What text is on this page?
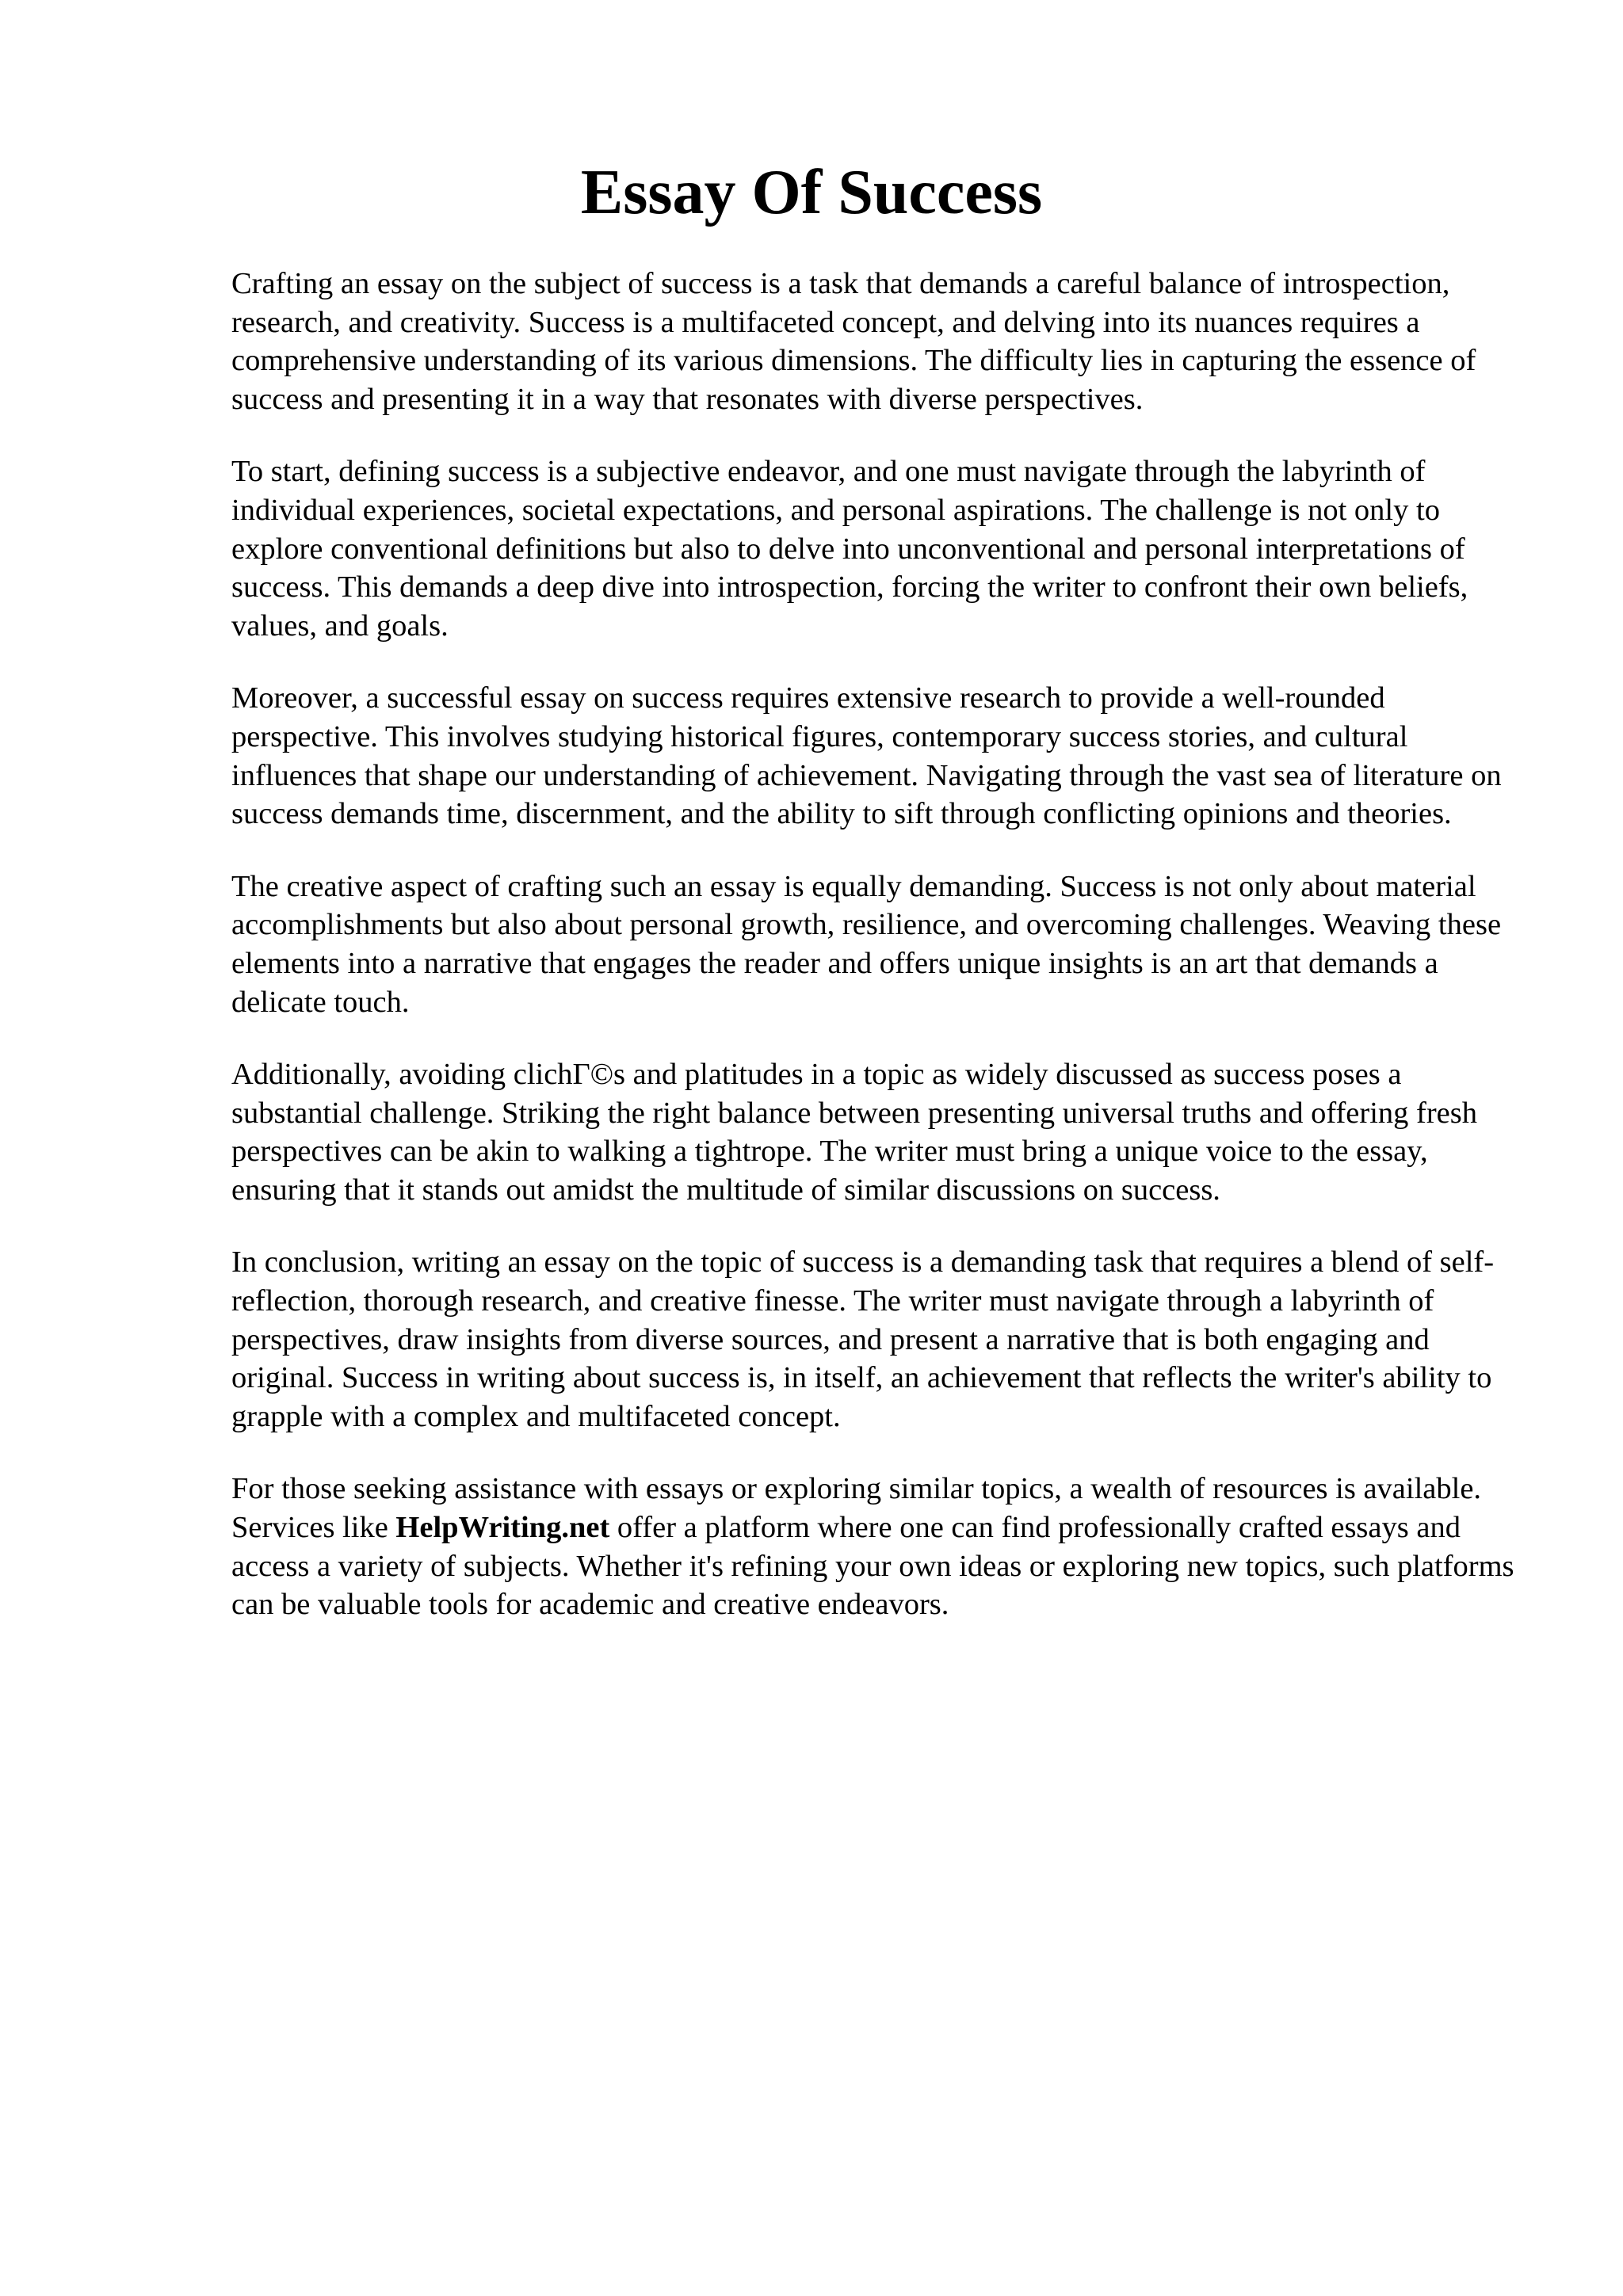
Essay Of Success

Crafting an essay on the subject of success is a task that demands a careful balance of introspection, research, and creativity. Success is a multifaceted concept, and delving into its nuances requires a comprehensive understanding of its various dimensions. The difficulty lies in capturing the essence of success and presenting it in a way that resonates with diverse perspectives.

To start, defining success is a subjective endeavor, and one must navigate through the labyrinth of individual experiences, societal expectations, and personal aspirations. The challenge is not only to explore conventional definitions but also to delve into unconventional and personal interpretations of success. This demands a deep dive into introspection, forcing the writer to confront their own beliefs, values, and goals.

Moreover, a successful essay on success requires extensive research to provide a well-rounded perspective. This involves studying historical figures, contemporary success stories, and cultural influences that shape our understanding of achievement. Navigating through the vast sea of literature on success demands time, discernment, and the ability to sift through conflicting opinions and theories.

The creative aspect of crafting such an essay is equally demanding. Success is not only about material accomplishments but also about personal growth, resilience, and overcoming challenges. Weaving these elements into a narrative that engages the reader and offers unique insights is an art that demands a delicate touch.

Additionally, avoiding clichГ©s and platitudes in a topic as widely discussed as success poses a substantial challenge. Striking the right balance between presenting universal truths and offering fresh perspectives can be akin to walking a tightrope. The writer must bring a unique voice to the essay, ensuring that it stands out amidst the multitude of similar discussions on success.

In conclusion, writing an essay on the topic of success is a demanding task that requires a blend of self-reflection, thorough research, and creative finesse. The writer must navigate through a labyrinth of perspectives, draw insights from diverse sources, and present a narrative that is both engaging and original. Success in writing about success is, in itself, an achievement that reflects the writer's ability to grapple with a complex and multifaceted concept.

For those seeking assistance with essays or exploring similar topics, a wealth of resources is available. Services like HelpWriting.net offer a platform where one can find professionally crafted essays and access a variety of subjects. Whether it's refining your own ideas or exploring new topics, such platforms can be valuable tools for academic and creative endeavors.
